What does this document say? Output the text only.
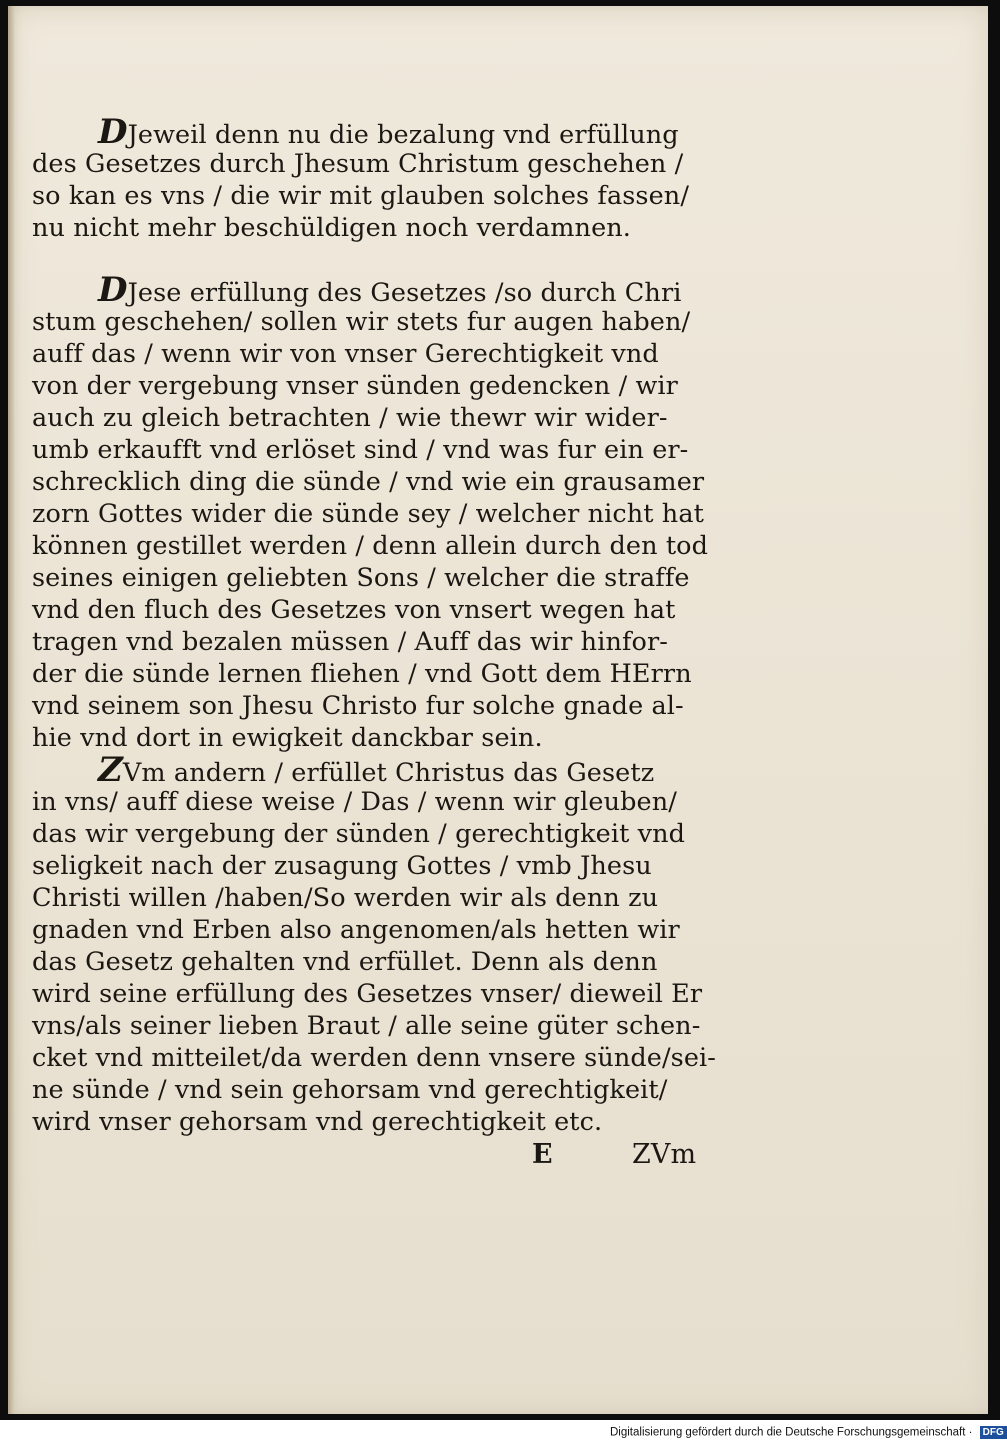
DJeweil denn nu die bezalung vnd erfüllung
des Gesetzes durch Jhesum Christum geschehen /
so kan es vns / die wir mit glauben solches fassen/
nu nicht mehr beschüldigen noch verdamnen.
DJese erfüllung des Gesetzes /so durch Chri
stum geschehen/ sollen wir stets fur augen haben/
auff das / wenn wir von vnser Gerechtigkeit vnd
von der vergebung vnser sünden gedencken / wir
auch zu gleich betrachten / wie thewr wir wider-
umb erkaufft vnd erlöset sind / vnd was fur ein er-
schrecklich ding die sünde / vnd wie ein grausamer
zorn Gottes wider die sünde sey / welcher nicht hat
können gestillet werden / denn allein durch den tod
seines einigen geliebten Sons / welcher die straffe
vnd den fluch des Gesetzes von vnsert wegen hat
tragen vnd bezalen müssen / Auff das wir hinfor-
der die sünde lernen fliehen / vnd Gott dem HErrn
vnd seinem son Jhesu Christo fur solche gnade al-
hie vnd dort in ewigkeit danckbar sein.
ZVm andern / erfüllet Christus das Gesetz
in vns/ auff diese weise / Das / wenn wir gleuben/
das wir vergebung der sünden / gerechtigkeit vnd
seligkeit nach der zusagung Gottes / vmb Jhesu
Christi willen /haben/So werden wir als denn zu
gnaden vnd Erben also angenomen/als hetten wir
das Gesetz gehalten vnd erfüllet. Denn als denn
wird seine erfüllung des Gesetzes vnser/ dieweil Er
vns/als seiner lieben Braut / alle seine güter schen-
cket vnd mitteilet/da werden denn vnsere sünde/sei-
ne sünde / vnd sein gehorsam vnd gerechtigkeit/
wird vnser gehorsam vnd gerechtigkeit etc.
E	ZVm
Digitalisierung gefördert durch die Deutsche Forschungsgemeinschaft · DFG
